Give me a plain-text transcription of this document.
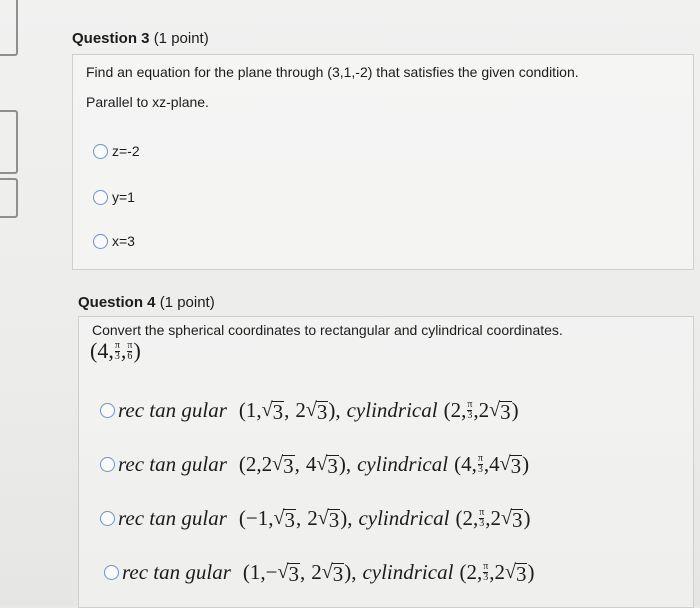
Question 3 (1 point)
Find an equation for the plane through (3,1,-2) that satisfies the given condition.
Parallel to xz-plane.
z=-2
y=1
x=3
Question 4 (1 point)
Convert the spherical coordinates to rectangular and cylindrical coordinates.
(4, $\frac{\pi}{3}$ , $\frac{\pi}{6}$ )
rec tan gular ( 1, √ 3 , 2 √ 3 ), cylindrical ( 2, $\frac{\pi}{3}$ , 2 √ 3 )
rec tan gular ( 2,2 √ 3 , 4 √ 3 ), cylindrical ( 4, $\frac{\pi}{3}$ , 4 √ 3 )
rec tan gular ( −1, √ 3 , 2 √ 3 ), cylindrical ( 2, $\frac{\pi}{3}$ , 2 √ 3 )
rec tan gular ( 1,− √ 3 , 2 √ 3 ), cylindrical ( 2, $\frac{\pi}{3}$ , 2 √ 3 )
